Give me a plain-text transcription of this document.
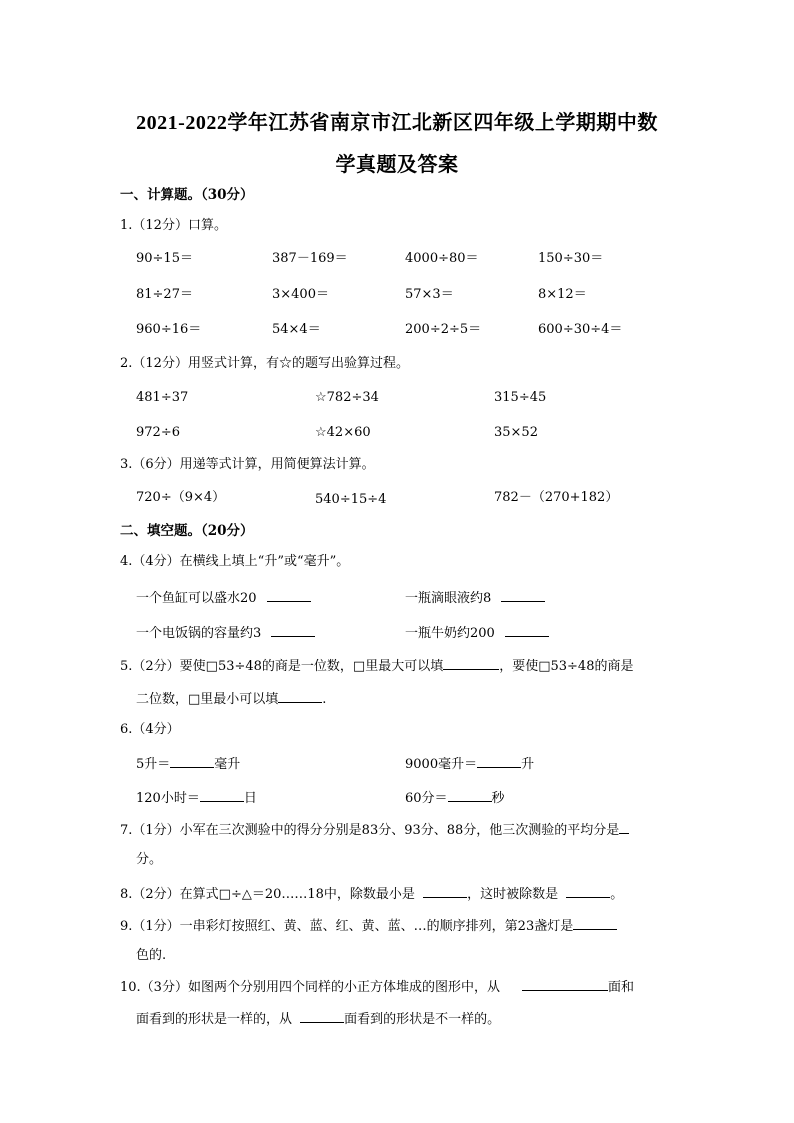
2021-2022学年江苏省南京市江北新区四年级上学期期中数
学真题及答案
一、计算题。（30分）
1.（12分）口算。
90÷15＝	387－169＝	4000÷80＝	150÷30＝
81÷27＝	3×400＝	57×3＝	8×12＝
960÷16＝	54×4＝	200÷2÷5＝	600÷30÷4＝
2.（12分）用竖式计算，有☆的题写出验算过程。
481÷37	☆782÷34	315÷45
972÷6	☆42×60	35×52
3.（6分）用递等式计算，用简便算法计算。
720÷（9×4）	540÷15÷4	782－（270+182）
二、填空题。（20分）
4.（4分）在横线上填上“升”或“毫升”。
一个鱼缸可以盛水20	一瓶滴眼液约8
一个电饭锅的容量约3	一瓶牛奶约200
5.（2分）要使□53÷48的商是一位数，□里最大可以填	，要使□53÷48的商是
二位数，□里最小可以填	.
6.（4分）
5升＝	毫升	9000毫升＝	升
120小时＝	日	60分＝	秒
7.（1分）小军在三次测验中的得分分别是83分、93分、88分，他三次测验的平均分是
分。
8.（2分）在算式□÷△＝20……18中，除数最小是	，这时被除数是	。
9.（1分）一串彩灯按照红、黄、蓝、红、黄、蓝、…的顺序排列，第23盏灯是
色的.
10.（3分）如图两个分别用四个同样的小正方体堆成的图形中，从	面和
面看到的形状是一样的，从	面看到的形状是不一样的。
